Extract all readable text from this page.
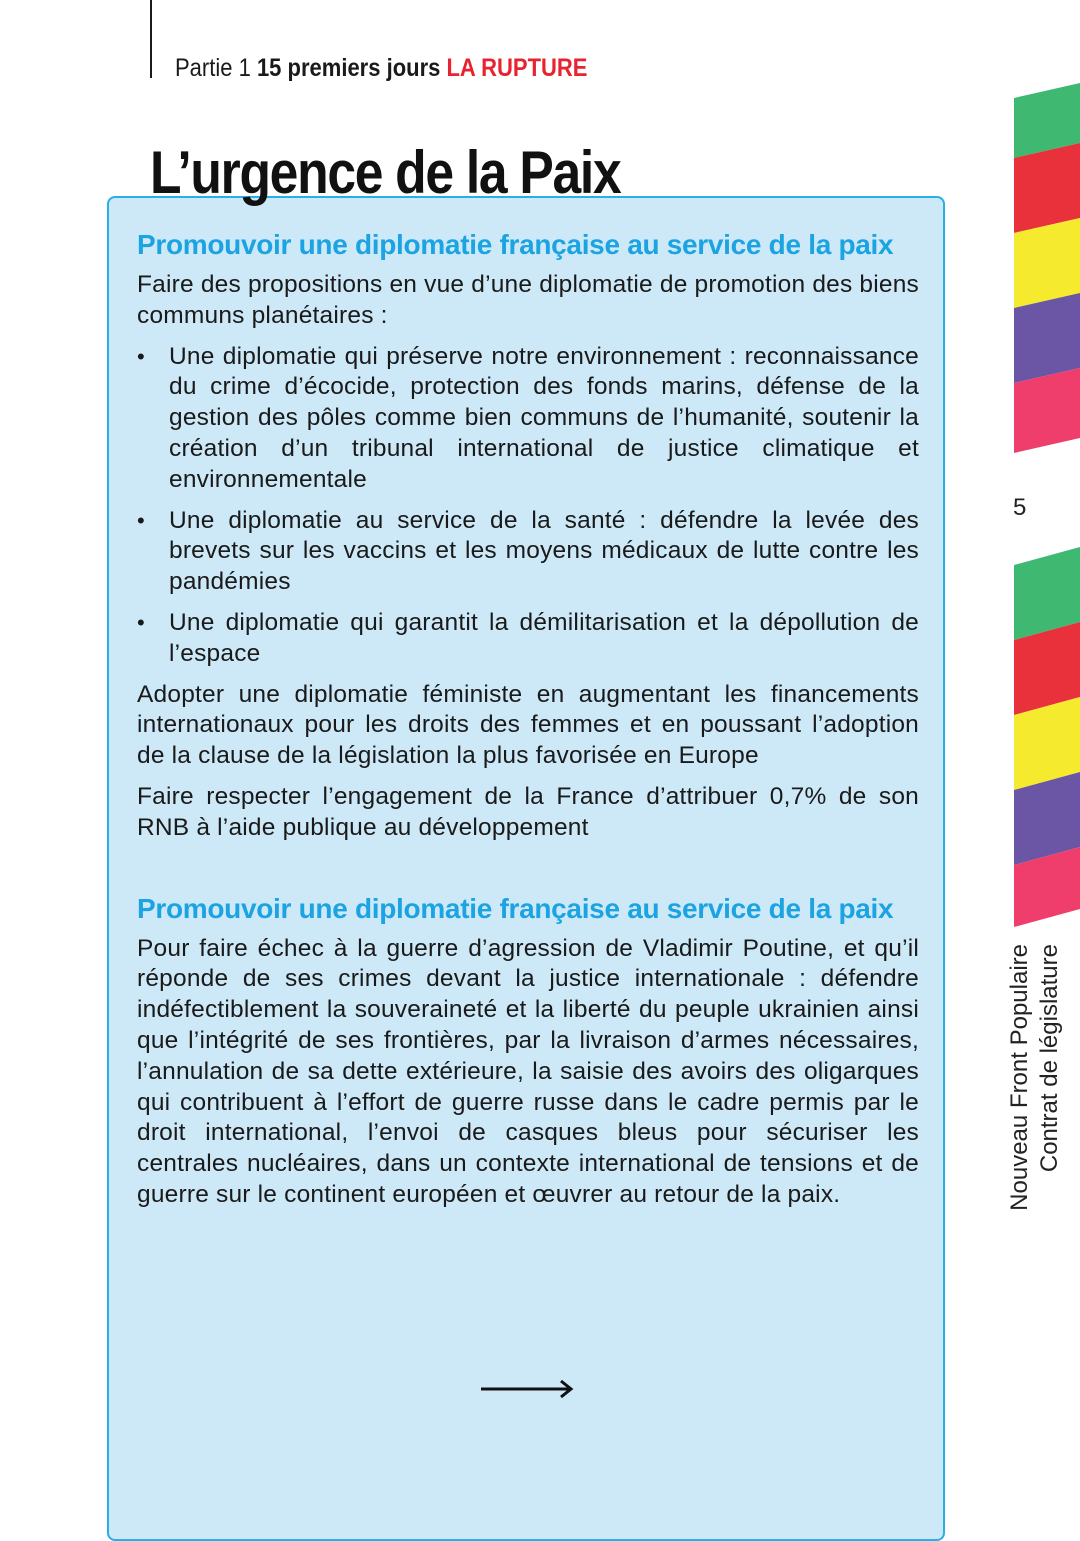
Partie 1 15 premiers jours LA RUPTURE
L’urgence de la Paix
Promouvoir une diplomatie française au service de la paix

Faire des propositions en vue d’une diplomatie de promotion des biens communs planétaires :

• Une diplomatie qui préserve notre environnement : reconnaissance du crime d’écocide, protection des fonds marins, défense de la gestion des pôles comme bien communs de l’humanité, soutenir la création d’un tribunal international de justice climatique et environnementale
• Une diplomatie au service de la santé : défendre la levée des brevets sur les vaccins et les moyens médicaux de lutte contre les pandémies
• Une diplomatie qui garantit la démilitarisation et la dépollution de l’espace

Adopter une diplomatie féministe en augmentant les financements internationaux pour les droits des femmes et en poussant l’adoption de la clause de la législation la plus favorisée en Europe

Faire respecter l’engagement de la France d’attribuer 0,7% de son RNB à l’aide publique au développement

Promouvoir une diplomatie française au service de la paix

Pour faire échec à la guerre d’agression de Vladimir Poutine, et qu’il réponde de ses crimes devant la justice internationale : défendre indéfectiblement la souveraineté et la liberté du peuple ukrainien ainsi que l’intégrité de ses frontières, par la livraison d’armes nécessaires, l’annulation de sa dette extérieure, la saisie des avoirs des oligarques qui contribuent à l’effort de guerre russe dans le cadre permis par le droit international, l’envoi de casques bleus pour sécuriser les centrales nucléaires, dans un contexte international de tensions et de guerre sur le continent européen et œuvrer au retour de la paix.

5
Nouveau Front Populaire Contrat de législature
